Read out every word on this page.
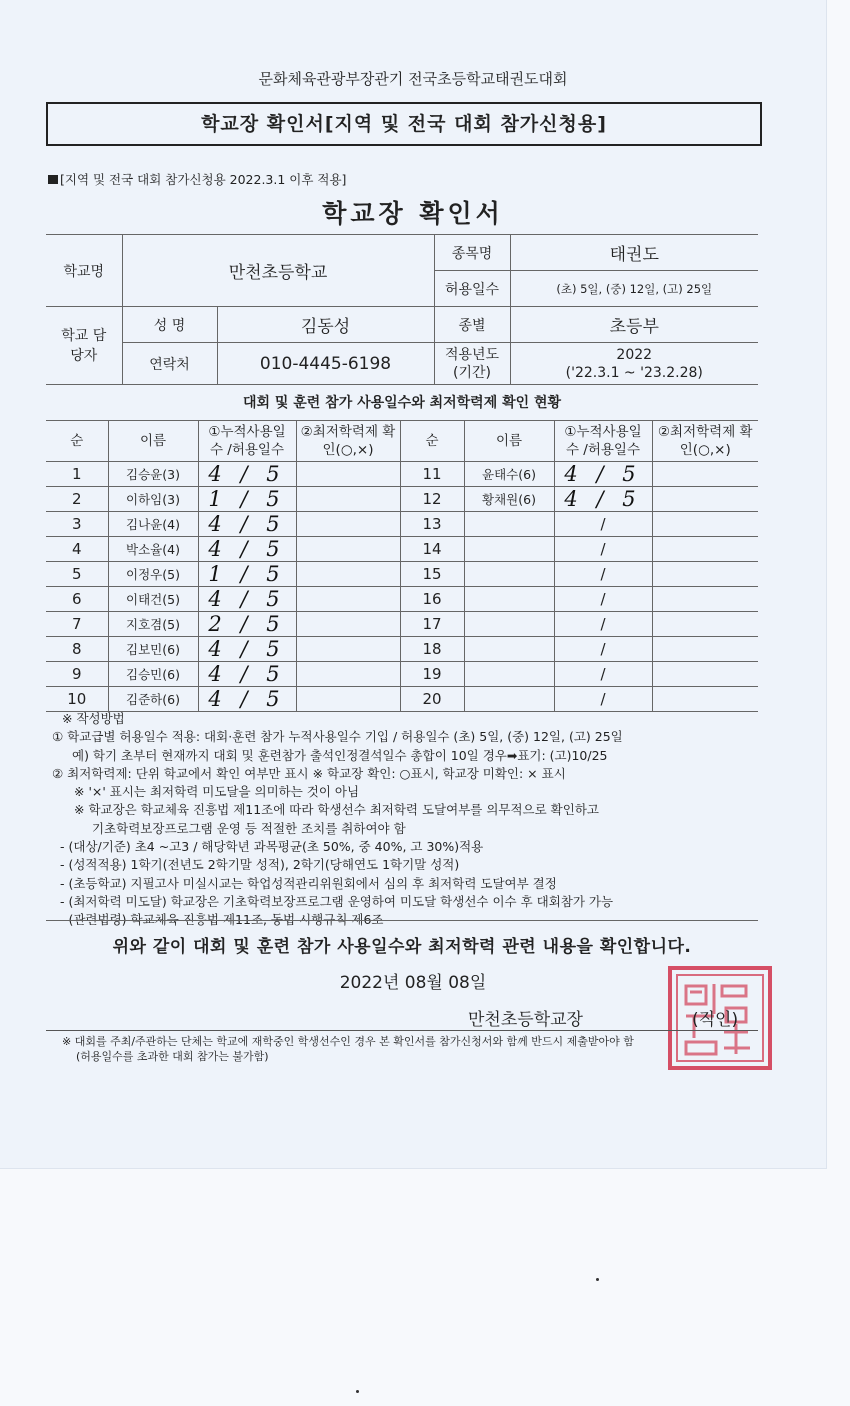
문화체육관광부장관기 전국초등학교태권도대회
학교장 확인서[지역 및 전국 대회 참가신청용]
[지역 및 전국 대회 참가신청용 2022.3.1 이후 적용]
학교장 확인서
학교명	만천초등학교		종목명	태권도
			허용일수	(초) 5일, (중) 12일, (고) 25일
학교 담당자	성 명	김동성	종별	초등부
	연락처	010-4445-6198	적용년도 (기간)	2022
('22.3.1 ~ '23.2.28)
대회 및 훈련 참가 사용일수와 최저학력제 확인 현황
순	이름	①누적사용일수 /허용일수	②최저학력제 확인(○,×)	순	이름	①누적사용일수 /허용일수	②최저학력제 확인(○,×)
1	김승윤(3)	4 / 5		11	윤태수(6)	4 / 5	
2	이하임(3)	1 / 5		12	황채원(6)	4 / 5	
3	김나윤(4)	4 / 5		13		/	
4	박소율(4)	4 / 5		14		/	
5	이정우(5)	1 / 5		15		/	
6	이태건(5)	4 / 5		16		/	
7	지호겸(5)	2 / 5		17		/	
8	김보민(6)	4 / 5		18		/	
9	김승민(6)	4 / 5		19		/	
10	김준하(6)	4 / 5		20		/	
※ 작성방법
① 학교급별 허용일수 적용: 대회·훈련 참가 누적사용일수 기입 / 허용일수 (초) 5일, (중) 12일, (고) 25일
예) 학기 초부터 현재까지 대회 및 훈련참가 출석인정결석일수 총합이 10일 경우➡표기: (고)10/25
② 최저학력제: 단위 학교에서 확인 여부만 표시 ※ 학교장 확인: ○표시, 학교장 미확인: × 표시
※ '×' 표시는 최저학력 미도달을 의미하는 것이 아님
※ 학교장은 학교체육 진흥법 제11조에 따라 학생선수 최저학력 도달여부를 의무적으로 확인하고
기초학력보장프로그램 운영 등 적절한 조치를 취하여야 함
- (대상/기준) 초4 ~고3 / 해당학년 과목평균(초 50%, 중 40%, 고 30%)적용
- (성적적용) 1학기(전년도 2학기말 성적), 2학기(당해연도 1학기말 성적)
- (초등학교) 지필고사 미실시교는 학업성적관리위원회에서 심의 후 최저학력 도달여부 결정
- (최저학력 미도달) 학교장은 기초학력보장프로그램 운영하여 미도달 학생선수 이수 후 대회참가 가능
- (관련법령) 학교체육 진흥법 제11조, 동법 시행규칙 제6조
위와 같이 대회 및 훈련 참가 사용일수와 최저학력 관련 내용을 확인합니다.
2022년 08월 08일
만천초등학교장	(직인)
※ 대회를 주최/주관하는 단체는 학교에 재학중인 학생선수인 경우 본 확인서를 참가신청서와 함께 반드시 제출받아야 함
(허용일수를 초과한 대회 참가는 불가함)
